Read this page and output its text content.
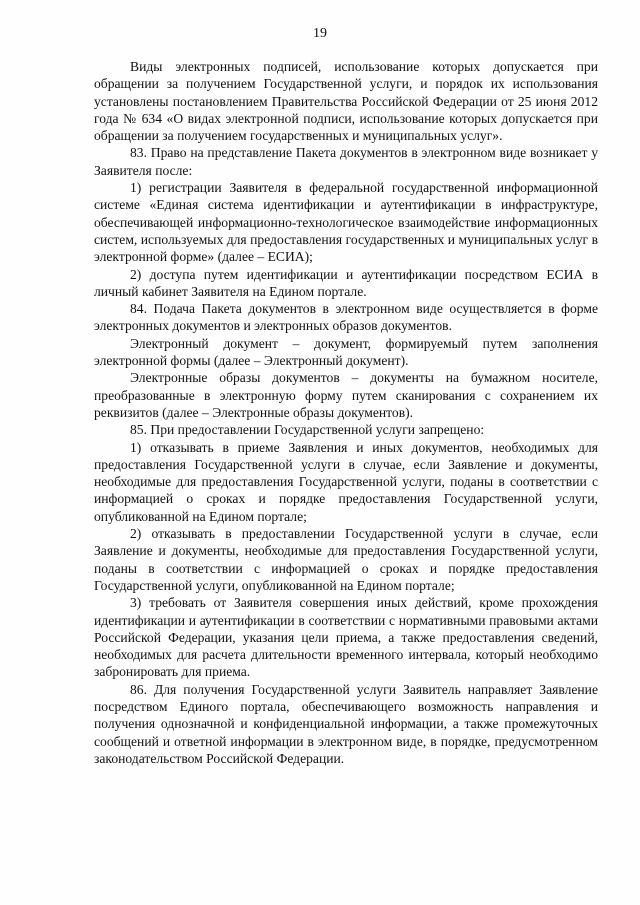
19

Виды электронных подписей, использование которых допускается при обращении за получением Государственной услуги, и порядок их использования установлены постановлением Правительства Российской Федерации от 25 июня 2012 года № 634 «О видах электронной подписи, использование которых допускается при обращении за получением государственных и муниципальных услуг».

83. Право на представление Пакета документов в электронном виде возникает у Заявителя после:

1) регистрации Заявителя в федеральной государственной информационной системе «Единая система идентификации и аутентификации в инфраструктуре, обеспечивающей информационно-технологическое взаимодействие информационных систем, используемых для предоставления государственных и муниципальных услуг в электронной форме» (далее – ЕСИА);

2) доступа путем идентификации и аутентификации посредством ЕСИА в личный кабинет Заявителя на Едином портале.

84. Подача Пакета документов в электронном виде осуществляется в форме электронных документов и электронных образов документов.

Электронный документ – документ, формируемый путем заполнения электронной формы (далее – Электронный документ).

Электронные образы документов – документы на бумажном носителе, преобразованные в электронную форму путем сканирования с сохранением их реквизитов (далее – Электронные образы документов).

85. При предоставлении Государственной услуги запрещено:

1) отказывать в приеме Заявления и иных документов, необходимых для предоставления Государственной услуги в случае, если Заявление и документы, необходимые для предоставления Государственной услуги, поданы в соответствии с информацией о сроках и порядке предоставления Государственной услуги, опубликованной на Едином портале;

2) отказывать в предоставлении Государственной услуги в случае, если Заявление и документы, необходимые для предоставления Государственной услуги, поданы в соответствии с информацией о сроках и порядке предоставления Государственной услуги, опубликованной на Едином портале;

3) требовать от Заявителя совершения иных действий, кроме прохождения идентификации и аутентификации в соответствии с нормативными правовыми актами Российской Федерации, указания цели приема, а также предоставления сведений, необходимых для расчета длительности временного интервала, который необходимо забронировать для приема.

86. Для получения Государственной услуги Заявитель направляет Заявление посредством Единого портала, обеспечивающего возможность направления и получения однозначной и конфиденциальной информации, а также промежуточных сообщений и ответной информации в электронном виде, в порядке, предусмотренном законодательством Российской Федерации.
